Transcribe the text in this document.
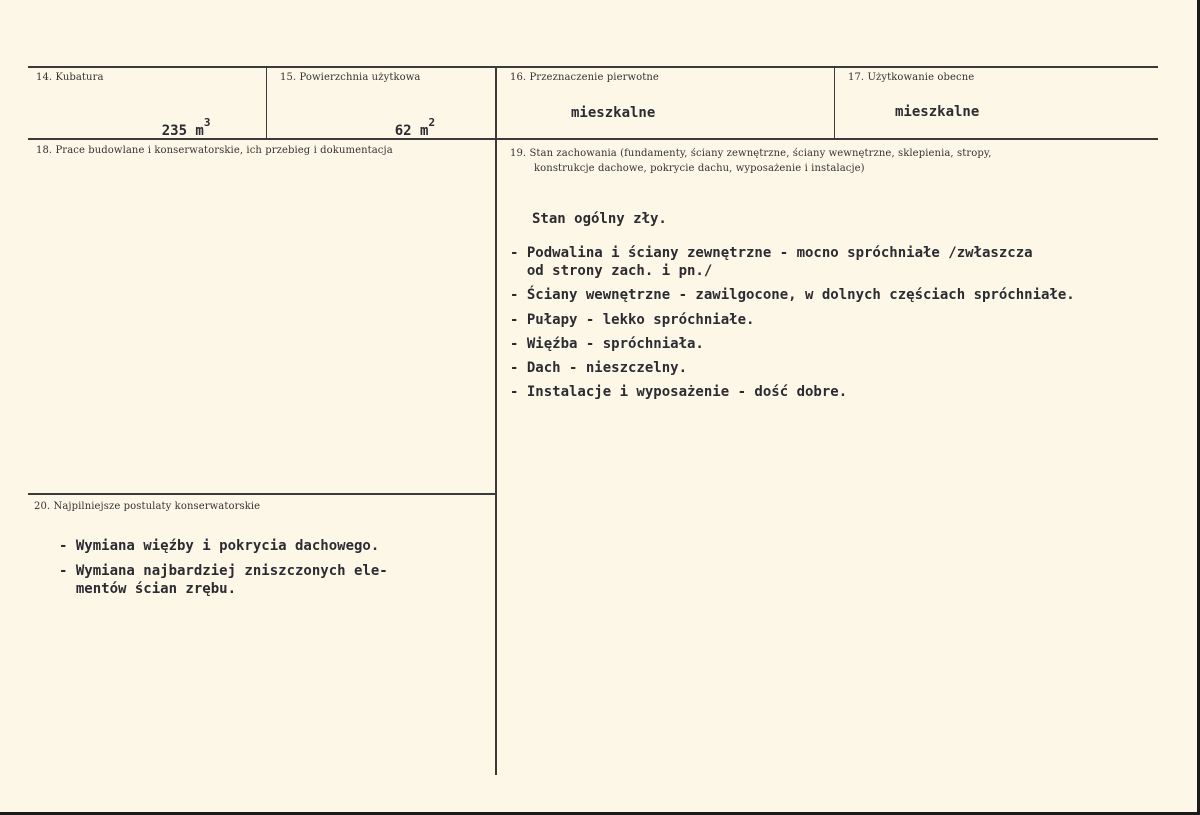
14. Kubatura

235 $m^3$

15. Powierzchnia użytkowa

62 $m^2$

16. Przeznaczenie pierwotne
mieszkalne
17. Użytkowanie obecne
mieszkalne
18. Prace budowlane i konserwatorskie, ich przebieg i dokumentacja	19. Stan zachowania (fundamenty, ściany zewnętrzne, ściany wewnętrzne, sklepienia, stropy,
konstrukcje dachowe, pokrycie dachu, wyposażenie i instalacje)
Stan ogólny zły.
- Podwalina i ściany zewnętrzne - mocno spróchniałe /zwłaszcza
od strony zach. i pn./
- Ściany wewnętrzne - zawilgocone, w dolnych częściach spróchniałe.
- Pułapy - lekko spróchniałe.
- Więźba - spróchniała.
- Dach - nieszczelny.
- Instalacje i wyposażenie - dość dobre.
20. Najpilniejsze postulaty konserwatorskie
- Wymiana więźby i pokrycia dachowego.
- Wymiana najbardziej zniszczonych ele-
mentów ścian zrębu.
